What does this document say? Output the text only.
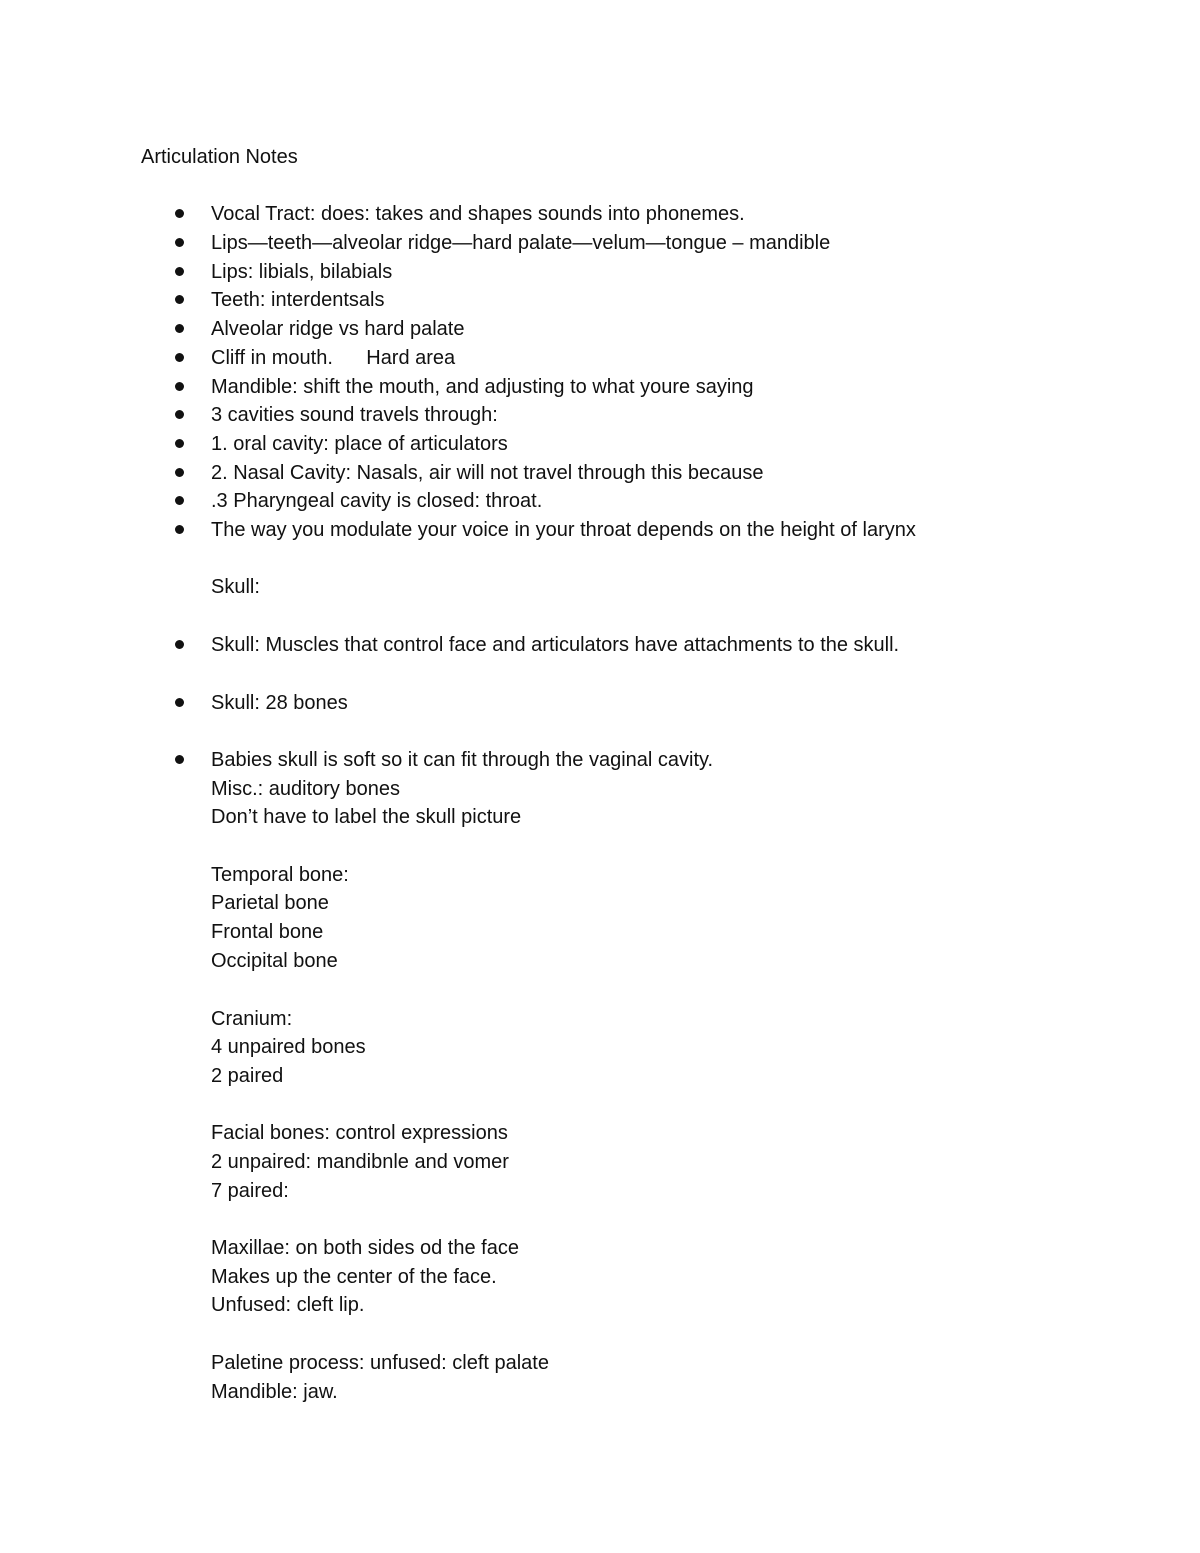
Articulation Notes
Vocal Tract: does: takes and shapes sounds into phonemes.
Lips—teeth—alveolar ridge—hard palate—velum—tongue – mandible
Lips: libials, bilabials
Teeth: interdentsals
Alveolar ridge vs hard palate
Cliff in mouth.      Hard area
Mandible: shift the mouth, and adjusting to what youre saying
3 cavities sound travels through:
1. oral cavity: place of articulators
2. Nasal Cavity: Nasals, air will not travel through this because
.3 Pharyngeal cavity is closed: throat.
The way you modulate your voice in your throat depends on the height of larynx
Skull:
Skull: Muscles that control face and articulators have attachments to the skull.
Skull: 28 bones
Babies skull is soft so it can fit through the vaginal cavity.
Misc.: auditory bones
Don’t have to label the skull picture
Temporal bone:
Parietal bone
Frontal bone
Occipital bone
Cranium:
4 unpaired bones
2 paired
Facial bones: control expressions
2 unpaired: mandibnle and vomer
7 paired:
Maxillae: on both sides od the face
Makes up the center of the face.
Unfused: cleft lip.
Paletine process: unfused: cleft palate
Mandible: jaw.
